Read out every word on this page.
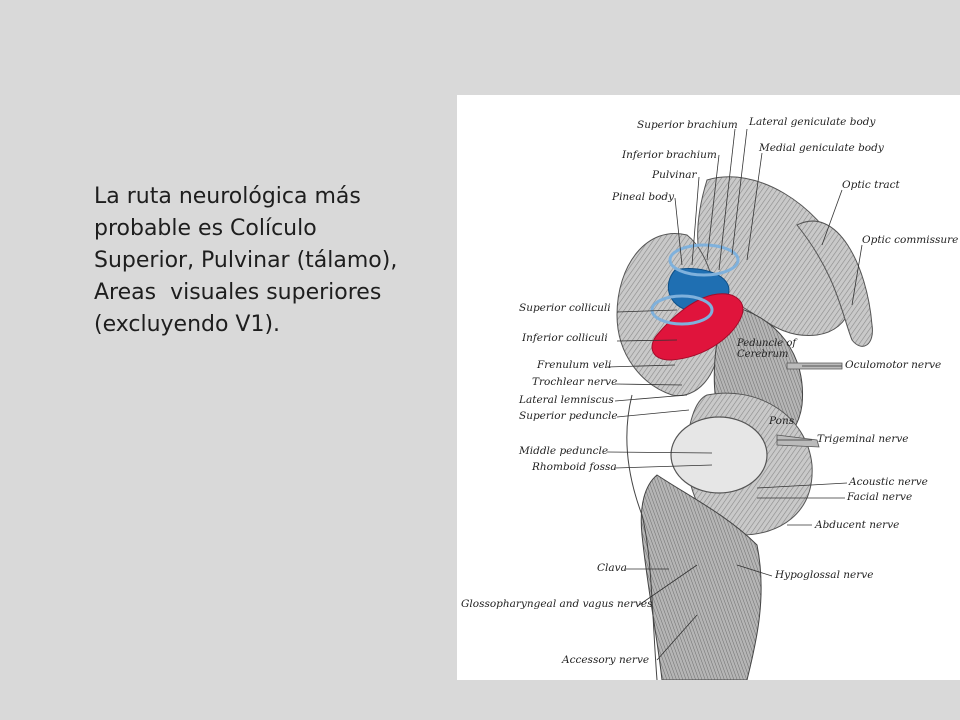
La ruta neurológica más
probable es Colículo
Superior, Pulvinar (tálamo),
Areas  visuales superiores
(excluyendo V1).
Superior brachium Lateral geniculate body
Inferior brachium
Medial geniculate body
Pulvinar
Pineal body
Optic tract
Optic commissure
Superior colliculi
Inferior colliculi	Peduncle of Cerebrum
Frenulum veli	Oculomotor nerve
Trochlear nerve
Lateral lemniscus
Superior peduncle	Pons
Trigeminal nerve
Middle peduncle
Rhomboid fossa
Acoustic nerve
Facial nerve
Abducent nerve
Clava
Hypoglossal nerve
Glossopharyngeal and vagus nerves
Accessory nerve
